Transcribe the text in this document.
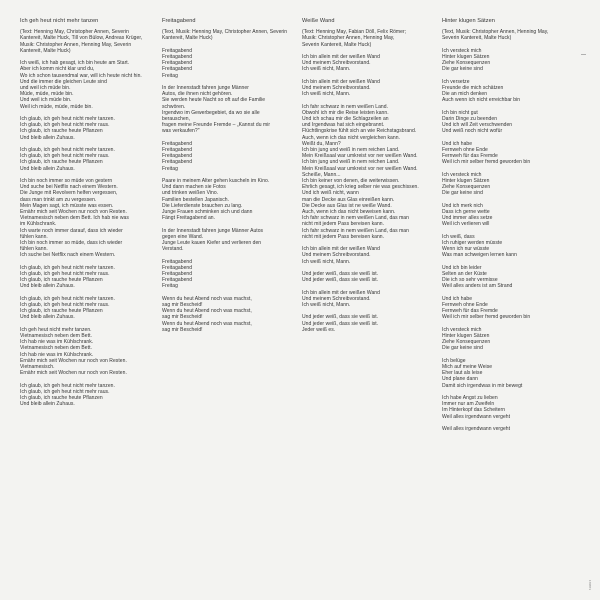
Ich geh heut nicht mehr tanzen
(Text: Henning May, Christopher Annen, Severin Kantereit, Malte Huck, Till von Bülow, Andreas Krüger, Musik: Christopher Annen, Henning May, Severin Kantereit, Malte Huck)
Ich weiß, ich hab gesagt, ich bin heute am Start.
Aber ich komm nicht klar und du,
Wo ich schon tausendmal war, will ich heute nicht hin.
Und die immer die gleichen Leute sind
und weil ich müde bin.
Müde, müde, müde bin.
Und weil ich müde bin.
Weil ich müde, müde, müde bin.
Ich glaub, ich geh heut nicht mehr tanzen.
Ich glaub, ich geh heut nicht mehr raus.
Ich glaub, ich rauche heute Pflanzen
Und bleib allein Zuhaus.
Ich glaub, ich geh heut nicht mehr tanzen.
Ich glaub, ich geh heut nicht mehr raus.
Ich glaub, ich rauche heute Pflanzen
Und bleib allein Zuhaus.
Ich bin noch immer so müde von gestern
Und suche bei Netflix nach einem Western.
Die Junge mit Revolvern helfen vergessen,
dass man trinkt am zu vergessen.
Mein Magen sagt, ich müsste was essen.
Ernähr mich seit Wochen nur noch von Resten.
Vietnamesisch neben dem Bett. Ich hab nie was
im Kühlschrank.
Ich warte noch immer darauf, dass ich wieder
fühlen kann.
Ich bin noch immer so müde, dass ich wieder
fühlen kann.
Ich suche bei Netflix nach einem Western.
Ich glaub, ich geh heut nicht mehr tanzen.
Ich glaub, ich geh heut nicht mehr raus.
Ich glaub, ich rauche heute Pflanzen
Und bleib allein Zuhaus.
Ich glaub, ich geh heut nicht mehr tanzen.
Ich glaub, ich geh heut nicht mehr raus.
Ich glaub, ich rauche heute Pflanzen
Und bleib allein Zuhaus.
Ich geh heut nicht mehr tanzen.
Vietnamesisch neben dem Bett.
Ich hab nie was im Kühlschrank.
Vietnamesisch neben dem Bett.
Ich hab nie was im Kühlschrank.
Ernähr mich seit Wochen nur noch von Resten.
Vietnamesisch.
Ernähr mich seit Wochen nur noch von Resten.
Ich glaub, ich geh heut nicht mehr tanzen.
Ich glaub, ich geh heut nicht mehr raus.
Ich glaub, ich rauche heute Pflanzen
Und bleib allein Zuhaus.
Freitagabend
(Text, Musik: Henning May, Christopher Annen, Severin Kantereit, Malte Huck)
Freitagabend
Freitagabend
Freitagabend
Freitagabend
Freitag
In der Innenstadt fahren junge Männer
Autos, die ihnen nicht gehören.
Sie werden heute Nacht so oft auf die Familie
schwören.
Irgendwo im Gewerbegebiet, da wo sie alle
berauschen,
fragen meine Freunde Fremde – „Kannst du mir
was verkaufen?"
Freitagabend
Freitagabend
Freitagabend
Freitagabend
Freitag
Paare in meinem Alter gehen kuscheln im Kino.
Und dann machen sie Fotos
und trinken weißen Vino.
Familien bestellen Japanisch.
Die Lieferdienste brauchen zu lang.
Junge Frauen schminken sich und dann
Fängt Freitagabend an.
In der Innenstadt fahren junge Männer Autos
gegen eine Wand.
Junge Leute kauen Kiefer und verlieren den
Verstand.
Freitagabend
Freitagabend
Freitagabend
Freitagabend
Freitag
Wenn du heut Abend noch was machst,
sag mir Bescheid!
Wenn du heut Abend noch was machst,
sag mir Bescheid!
Wenn du heut Abend noch was machst,
sag mir Bescheid!
Weiße Wand
(Text: Henning May, Fabian Döll, Felix Römer;
Musik: Christopher Annen, Henning May,
Severin Kantereit, Malte Huck)
Ich bin allein mit der weißen Wand
Und meinem Schreibvorstand.
Ich weiß nicht, Mann.
Ich bin allein mit der weißen Wand
Und meinem Schreibvorstand.
Ich weiß nicht, Mann.
Ich fahr schwarz in nem weißen Land.
Obwohl ich mir die Reise leisten kann.
Und ich schau mir die Schlagzeilen an
und Irgendwas hat sich eingebrannt.
Flüchtlingskrise fühlt sich an wie Reichstagsbrand.
Auch, wenn ich das nicht vergleichen kann.
Weißt du, Mann?
Ich bin jung und weiß in nem reichen Land.
Mein Kreißsaal war umkreist vor ner weißen Wand.
Ich bin jung und weiß in nem reichen Land.
Mein Kreißsaal war umkreist vor ner weißen Wand.
Scheiße, Mann...
Ich bin keiner von denen, die weiterwissen.
Ehrlich gesagt, ich krieg selber nie was geschissen.
Und ich weiß nicht, wann
man die Decke aus Glas einreißen kann.
Die Decke aus Glas ist ne weiße Wand.
Auch, wenn ich das nicht beweisen kann.
Ich fahr schwarz in nem weißen Land, das man
nicht mit jedem Pass bereisen kann.
Ich fahr schwarz in nem weißen Land, das man
nicht mit jedem Pass bereisen kann.
Ich bin allein mit der weißen Wand
Und meinem Schreibvorstand.
Ich weiß nicht, Mann.
Und jeder weiß, dass sie weiß ist.
Und jeder weiß, dass sie weiß ist.
Ich bin allein mit der weißen Wand
Und meinem Schreibvorstand.
Ich weiß nicht, Mann.
Und jeder weiß, dass sie weiß ist.
Und jeder weiß, dass sie weiß ist.
Jeder weiß es.
Hinter klugen Sätzen
(Text, Musik: Christopher Annen, Henning May,
Severin Kantereit, Malte Huck)
Ich versteck mich
Hinter klugen Sätzen
Ziehe Konsequenzen
Die gar keine sind
Ich versetze
Freunde die mich schätzen
Die an mich denken
Auch wenn ich nicht erreichbar bin
Ich bin nicht gut
Darin Dinge zu beenden
Und ich will Zeit verschwenden
Und weiß noch nicht wofür
Und ich habe
Fernweh ohne Ende
Fernweh für das Fremde
Weil ich mir selber fremd geworden bin
Ich versteck mich
Hinter klugen Sätzen
Ziehe Konsequenzen
Die gar keine sind
Und ich merk nich
Dass ich gerne wette
Und immer alles setze
Weil ich verlieren will
Ich weiß, dass
Ich ruhiger werden müsste
Wenn ich nur wüsste
Was man schweigen lernen kann
Und ich bin leider
Selten an der Küste
Die ich so sehr vermisse
Weil alles anders ist am Strand
Und ich habe
Fernweh ohne Ende
Fernweh für das Fremde
Weil ich mir selber fremd geworden bin
Ich versteck mich
Hinter klugen Sätzen
Ziehe Konsequenzen
Die gar keine sind
Ich belüge
Mich auf meine Weise
Eher laut als leise
Und plane dann
Damit sich irgendwas in mir bewegt
Ich habe Angst zu lieben
Immer nur am Zweifeln
Im Hinterkopf das Scheitern
Weil alles irgendwann vergeht
Weil alles irgendwann vergeht
—
170871
